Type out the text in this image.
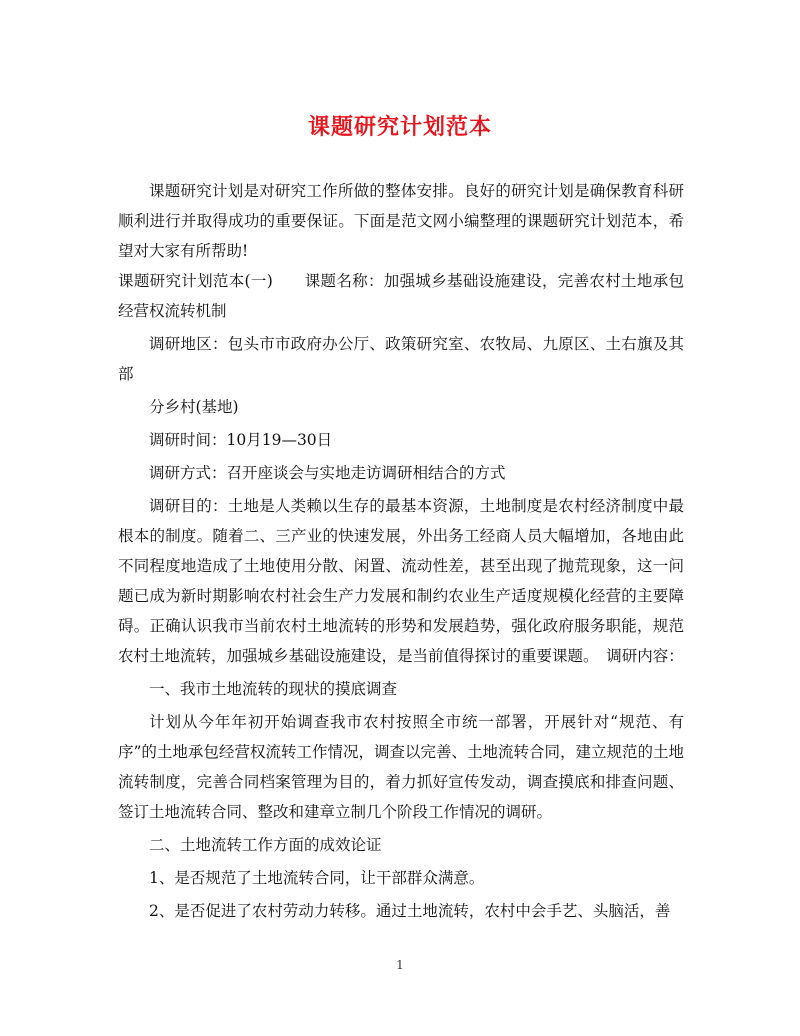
课题研究计划范本

课题研究计划是对研究工作所做的整体安排。良好的研究计划是确保教育科研顺利进行并取得成功的重要保证。下面是范文网小编整理的课题研究计划范本，希望对大家有所帮助!

课题研究计划范本(一)　　课题名称：加强城乡基础设施建设，完善农村土地承包经营权流转机制

调研地区：包头市市政府办公厅、政策研究室、农牧局、九原区、土右旗及其部

分乡村(基地)

调研时间：10月19—30日

调研方式：召开座谈会与实地走访调研相结合的方式

调研目的：土地是人类赖以生存的最基本资源，土地制度是农村经济制度中最根本的制度。随着二、三产业的快速发展，外出务工经商人员大幅增加，各地由此不同程度地造成了土地使用分散、闲置、流动性差，甚至出现了抛荒现象，这一问题已成为新时期影响农村社会生产力发展和制约农业生产适度规模化经营的主要障碍。正确认识我市当前农村土地流转的形势和发展趋势，强化政府服务职能，规范农村土地流转，加强城乡基础设施建设，是当前值得探讨的重要课题。　调研内容：

一、我市土地流转的现状的摸底调查

计划从今年年初开始调查我市农村按照全市统一部署，开展针对“规范、有序”的土地承包经营权流转工作情况，调查以完善、土地流转合同，建立规范的土地流转制度，完善合同档案管理为目的，着力抓好宣传发动，调查摸底和排查问题、签订土地流转合同、整改和建章立制几个阶段工作情况的调研。

二、土地流转工作方面的成效论证

1、是否规范了土地流转合同，让干部群众满意。

2、是否促进了农村劳动力转移。通过土地流转，农村中会手艺、头脑活，善

1
